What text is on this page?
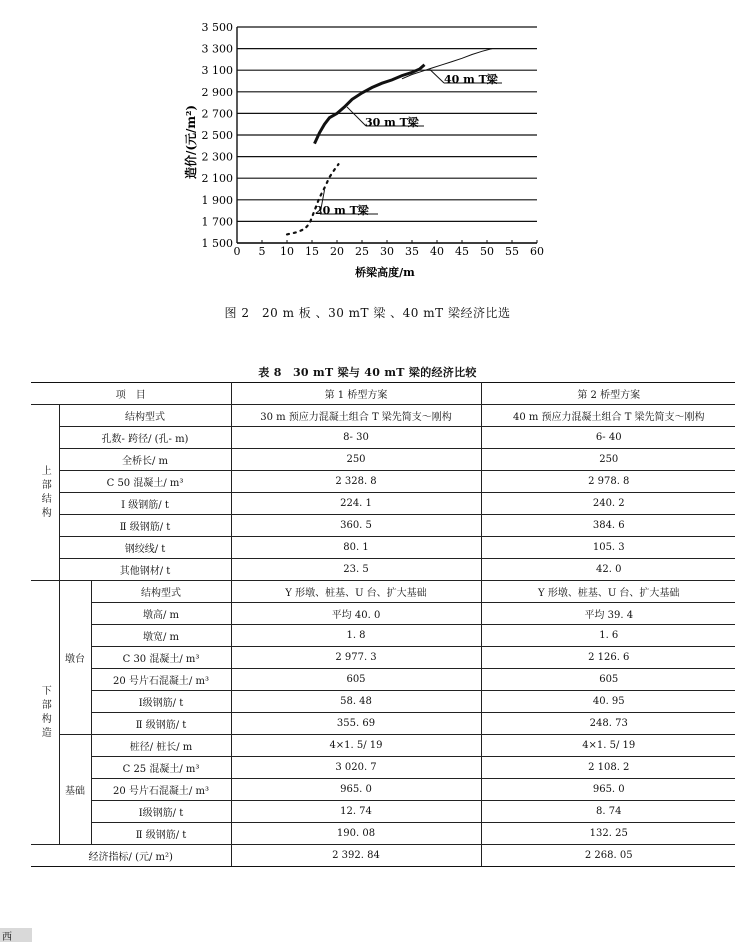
1 500
1 700
1 900
2 100
2 300
2 500
2 700
2 900
3 100
3 300
3 500
0 5 10 15 20 25 30 35 40 45 50 55 60
20 m T梁
30 m T梁
40 m T梁
造价/(元/m²)
桥梁高度/m
图 2　20 m 板 、30 mT 梁 、40 mT 梁经济比选
表 8　30 mT 梁与 40 mT 梁的经济比较
项　目			第 1 桥型方案	第 2 桥型方案
上部结构	结构型式		30 m 预应力混凝土组合 T 梁先简支～刚构	40 m 预应力混凝土组合 T 梁先简支～刚构
	孔数- 跨径/ (孔- m)		8- 30	6- 40
	全桥长/ m		250	250
	C 50 混凝土/ m³		2 328. 8	2 978. 8
	Ⅰ 级钢筋/ t		224. 1	240. 2
	Ⅱ 级钢筋/ t		360. 5	384. 6
	钢绞线/ t		80. 1	105. 3
	其他钢材/ t		23. 5	42. 0
下部构造	墩台	结构型式	Y 形墩、桩基、U 台、扩大基础	Y 形墩、桩基、U 台、扩大基础
		墩高/ m	平均 40. 0	平均 39. 4
		墩宽/ m	1. 8	1. 6
		C 30 混凝土/ m³	2 977. 3	2 126. 6
		20 号片石混凝土/ m³	605	605
		Ⅰ级钢筋/ t	58. 48	40. 95
		Ⅱ 级钢筋/ t	355. 69	248. 73
	基础	桩径/ 桩长/ m	4×1. 5/ 19	4×1. 5/ 19
		C 25 混凝土/ m³	3 020. 7	2 108. 2
		20 号片石混凝土/ m³	965. 0	965. 0
		Ⅰ级钢筋/ t	12. 74	8. 74
		Ⅱ 级钢筋/ t	190. 08	132. 25
经济指标/ (元/ m²)			2 392. 84	2 268. 05
西
